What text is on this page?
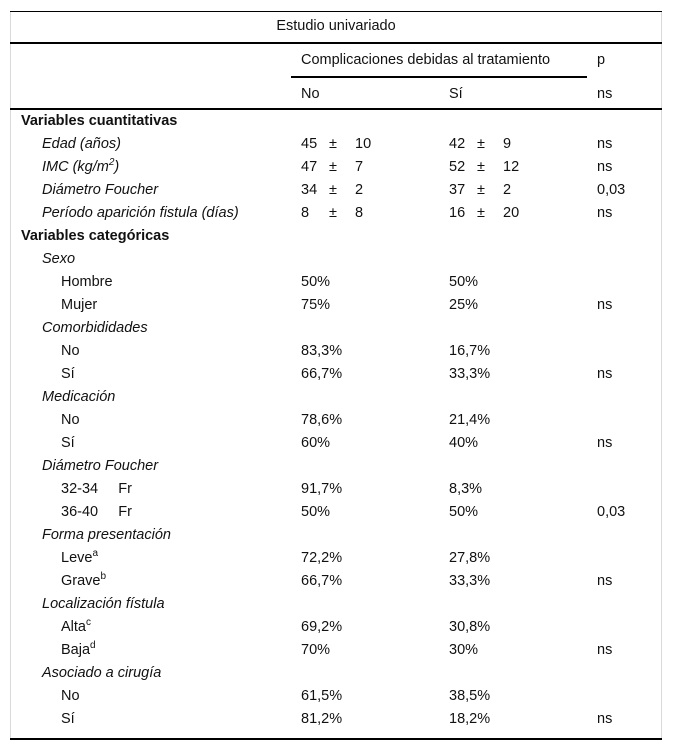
Estudio univariado
Complicaciones debidas al tratamiento	p
No	Sí	ns
Variables cuantitativas
Edad (años)	45 ± 10	42 ± 9	ns
IMC $(kg/m^2)$	47 ± 7	52 ± 12	ns
Diámetro Foucher	34 ± 2	37 ± 2	0,03
Período aparición fistula (días)	8 ± 8	16 ± 20	ns
Variables categóricas
Sexo
Hombre	50%	50%
Mujer	75%	25%	ns
Comorbididades
No	83,3%	16,7%
Sí	66,7%	33,3%	ns
Medicación
No	78,6%	21,4%
Sí	60%	40%	ns
Diámetro Foucher
32-34     Fr	91,7%	8,3%
36-40     Fr	50%	50%	0,03
Forma presentación
Leve$^a$	72,2%	27,8%
Grave$^b$	66,7%	33,3%	ns
Localización fístula
Alta$^c$	69,2%	30,8%
Baja$^d$	70%	30%	ns
Asociado a cirugía
No	61,5%	38,5%
Sí	81,2%	18,2%	ns
